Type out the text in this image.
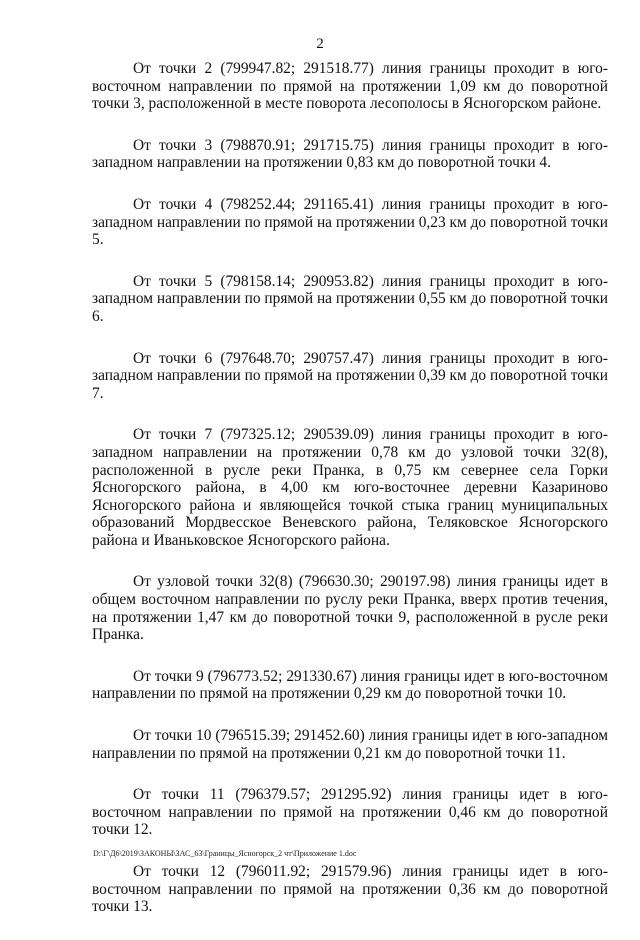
2

От точки 2 (799947.82; 291518.77) линия границы проходит в юго-восточном направлении по прямой на протяжении 1,09 км до поворотной точки 3, расположенной в месте поворота лесополосы в Ясногорском районе.

От точки 3 (798870.91; 291715.75) линия границы проходит в юго-западном направлении на протяжении 0,83 км до поворотной точки 4.

От точки 4 (798252.44; 291165.41) линия границы проходит в юго-западном направлении по прямой на протяжении 0,23 км до поворотной точки 5.

От точки 5 (798158.14; 290953.82) линия границы проходит в юго-западном направлении по прямой на протяжении 0,55 км до поворотной точки 6.

От точки 6 (797648.70; 290757.47) линия границы проходит в юго-западном направлении по прямой на протяжении 0,39 км до поворотной точки 7.

От точки 7 (797325.12; 290539.09) линия границы проходит в юго-западном направлении на протяжении 0,78 км до узловой точки 32(8), расположенной в русле реки Пранка, в 0,75 км севернее села Горки Ясногорского района, в 4,00 км юго-восточнее деревни Казариново Ясногорского района и являющейся точкой стыка границ муниципальных образований Мордвесское Веневского района, Теляковское Ясногорского района и Иваньковское Ясногорского района.

От узловой точки 32(8) (796630.30; 290197.98) линия границы идет в общем восточном направлении по руслу реки Пранка, вверх против течения, на протяжении 1,47 км до поворотной точки 9, расположенной в русле реки Пранка.

От точки 9 (796773.52; 291330.67) линия границы идет в юго-восточном направлении по прямой на протяжении 0,29 км до поворотной точки 10.

От точки 10 (796515.39; 291452.60) линия границы идет в юго-западном направлении по прямой на протяжении 0,21 км до поворотной точки 11.

От точки 11 (796379.57; 291295.92) линия границы идет в юго-восточном направлении по прямой на протяжении 0,46 км до поворотной точки 12.

От точки 12 (796011.92; 291579.96) линия границы идет в юго-восточном направлении по прямой на протяжении 0,36 км до поворотной точки 13.

D:\Г\Д6\2019\ЗАКОНЫ\ЗАС_63\Границы_Ясногорск_2 чт\Приложение 1.doc
